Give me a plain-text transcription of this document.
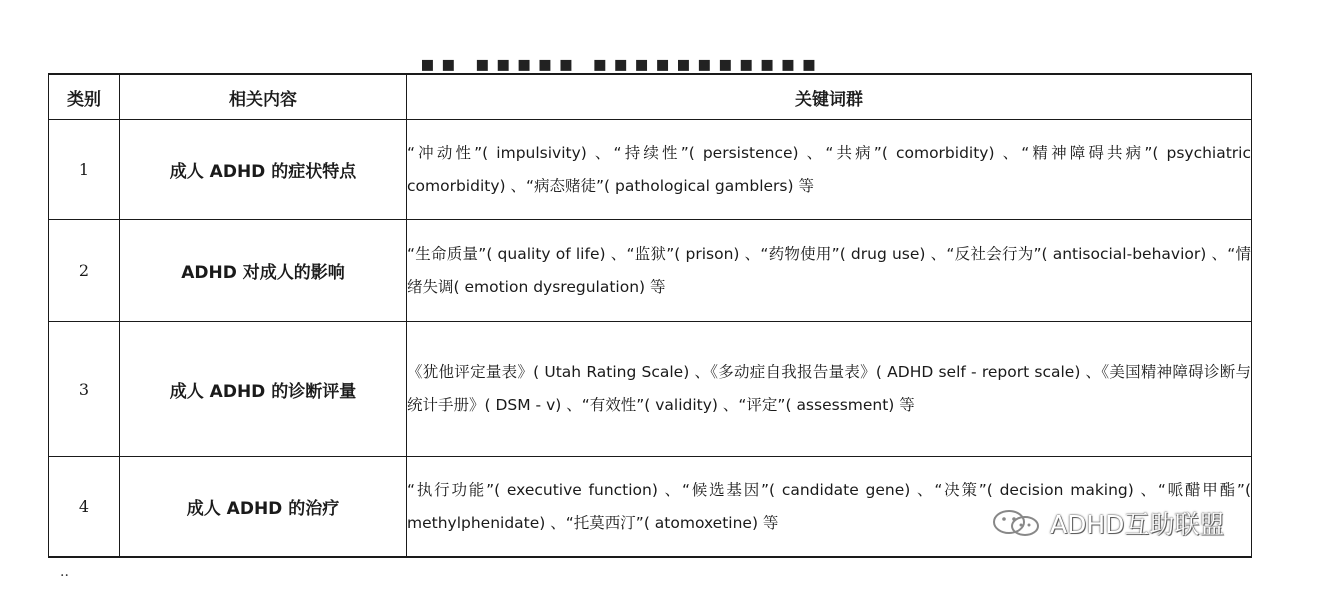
▪▪ ▪▪▪▪▪ ▪▪▪▪▪▪▪▪▪▪▪
类别	相关内容	关键词群
1	成人 ADHD 的症状特点	“冲动性”( impulsivity) 、“持续性”( persistence) 、“共病”( comorbidity) 、“精神障碍共病”( psychiatric comorbidity) 、“病态赌徒”( pathological gamblers) 等
2	ADHD 对成人的影响	“生命质量”( quality of life) 、“监狱”( prison) 、“药物使用”( drug use) 、“反社会行为”( antisocial-behavior) 、“情绪失调( emotion dysregulation) 等
3	成人 ADHD 的诊断评量	《犹他评定量表》( Utah Rating Scale) 、《多动症自我报告量表》( ADHD self - report scale) 、《美国精神障碍诊断与统计手册》( DSM - v) 、“有效性”( validity) 、“评定”( assessment) 等
4	成人 ADHD 的治疗	“执行功能”( executive function) 、“候选基因”( candidate gene) 、“决策”( decision making) 、“哌醋甲酯”( methylphenidate) 、“托莫西汀”( atomoxetine) 等
··
ADHD互助联盟
